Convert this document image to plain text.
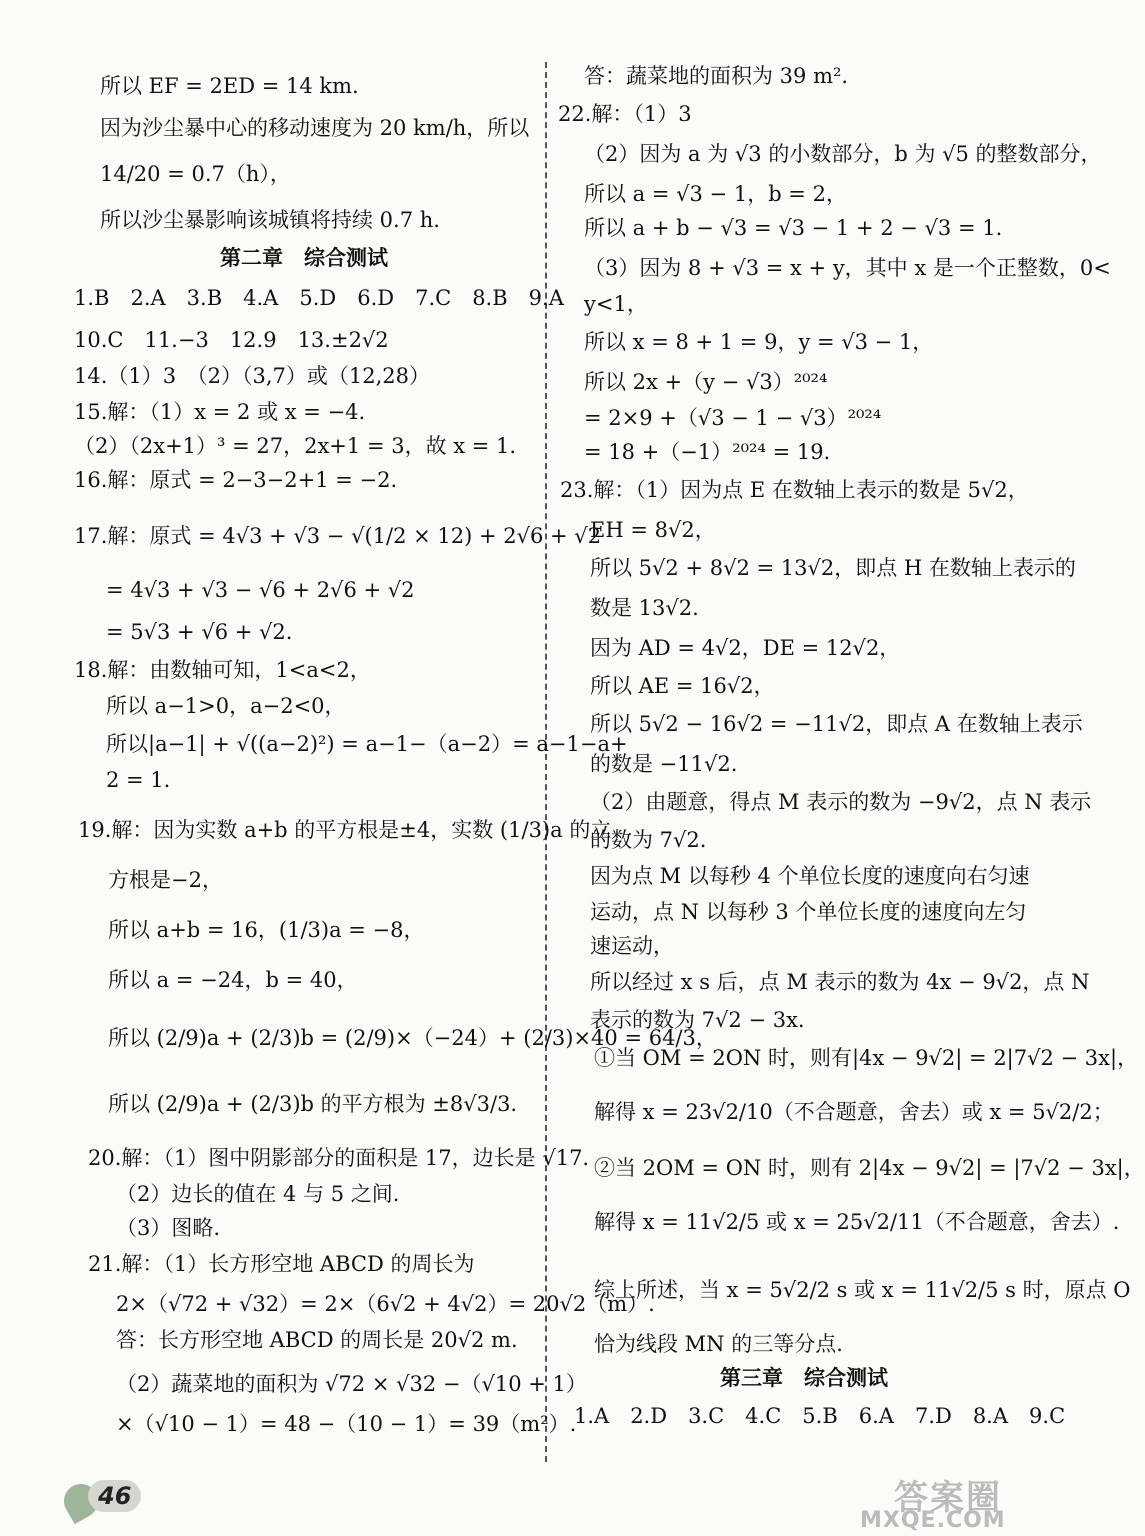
所以 EF = 2ED = 14 km.
因为沙尘暴中心的移动速度为 20 km/h，所以
14/20 = 0.7（h），
所以沙尘暴影响该城镇将持续 0.7 h.
第二章　综合测试
1.B　2.A　3.B　4.A　5.D　6.D　7.C　8.B　9.A
10.C　11.−3　12.9　13.±2√2
14.（1）3　（2）（3,7）或（12,28）
15.解：（1）x = 2 或 x = −4.
（2）（2x+1）³ = 27，2x+1 = 3，故 x = 1.
16.解：原式 = 2−3−2+1 = −2.
17.解：原式 = 4√3 + √3 − √(1/2 × 12) + 2√6 + √2
= 4√3 + √3 − √6 + 2√6 + √2
= 5√3 + √6 + √2.
18.解：由数轴可知，1<a<2，
所以 a−1>0，a−2<0，
所以|a−1| + √((a−2)²) = a−1−（a−2）= a−1−a+
2 = 1.
19.解：因为实数 a+b 的平方根是±4，实数 (1/3)a 的立
方根是−2，
所以 a+b = 16，(1/3)a = −8，
所以 a = −24，b = 40，
所以 (2/9)a + (2/3)b = (2/9)×（−24）+ (2/3)×40 = 64/3，
所以 (2/9)a + (2/3)b 的平方根为 ±8√3/3.
20.解：（1）图中阴影部分的面积是 17，边长是 √17.
（2）边长的值在 4 与 5 之间.
（3）图略.
21.解：（1）长方形空地 ABCD 的周长为
2×（√72 + √32）= 2×（6√2 + 4√2）= 20√2（m）.
答：长方形空地 ABCD 的周长是 20√2 m.
（2）蔬菜地的面积为 √72 × √32 −（√10 + 1）
×（√10 − 1）= 48 −（10 − 1）= 39（m²）.
答：蔬菜地的面积为 39 m².
22.解：（1）3
（2）因为 a 为 √3 的小数部分，b 为 √5 的整数部分，
所以 a = √3 − 1，b = 2，
所以 a + b − √3 = √3 − 1 + 2 − √3 = 1.
（3）因为 8 + √3 = x + y，其中 x 是一个正整数，0<
y<1，
所以 x = 8 + 1 = 9，y = √3 − 1，
所以 2x +（y − √3）²⁰²⁴
= 2×9 +（√3 − 1 − √3）²⁰²⁴
= 18 +（−1）²⁰²⁴ = 19.
23.解：（1）因为点 E 在数轴上表示的数是 5√2，
EH = 8√2，
所以 5√2 + 8√2 = 13√2，即点 H 在数轴上表示的
数是 13√2.
因为 AD = 4√2，DE = 12√2，
所以 AE = 16√2，
所以 5√2 − 16√2 = −11√2，即点 A 在数轴上表示
的数是 −11√2.
（2）由题意，得点 M 表示的数为 −9√2，点 N 表示
的数为 7√2.
因为点 M 以每秒 4 个单位长度的速度向右匀速
运动，点 N 以每秒 3 个单位长度的速度向左匀
速运动，
所以经过 x s 后，点 M 表示的数为 4x − 9√2，点 N
表示的数为 7√2 − 3x.
①当 OM = 2ON 时，则有|4x − 9√2| = 2|7√2 − 3x|，
解得 x = 23√2/10（不合题意，舍去）或 x = 5√2/2；
②当 2OM = ON 时，则有 2|4x − 9√2| = |7√2 − 3x|，
解得 x = 11√2/5 或 x = 25√2/11（不合题意，舍去）.
综上所述，当 x = 5√2/2 s 或 x = 11√2/5 s 时，原点 O
恰为线段 MN 的三等分点.
第三章　综合测试
1.A　2.D　3.C　4.C　5.B　6.A　7.D　8.A　9.C
46	答案圈
MXQE.COM
